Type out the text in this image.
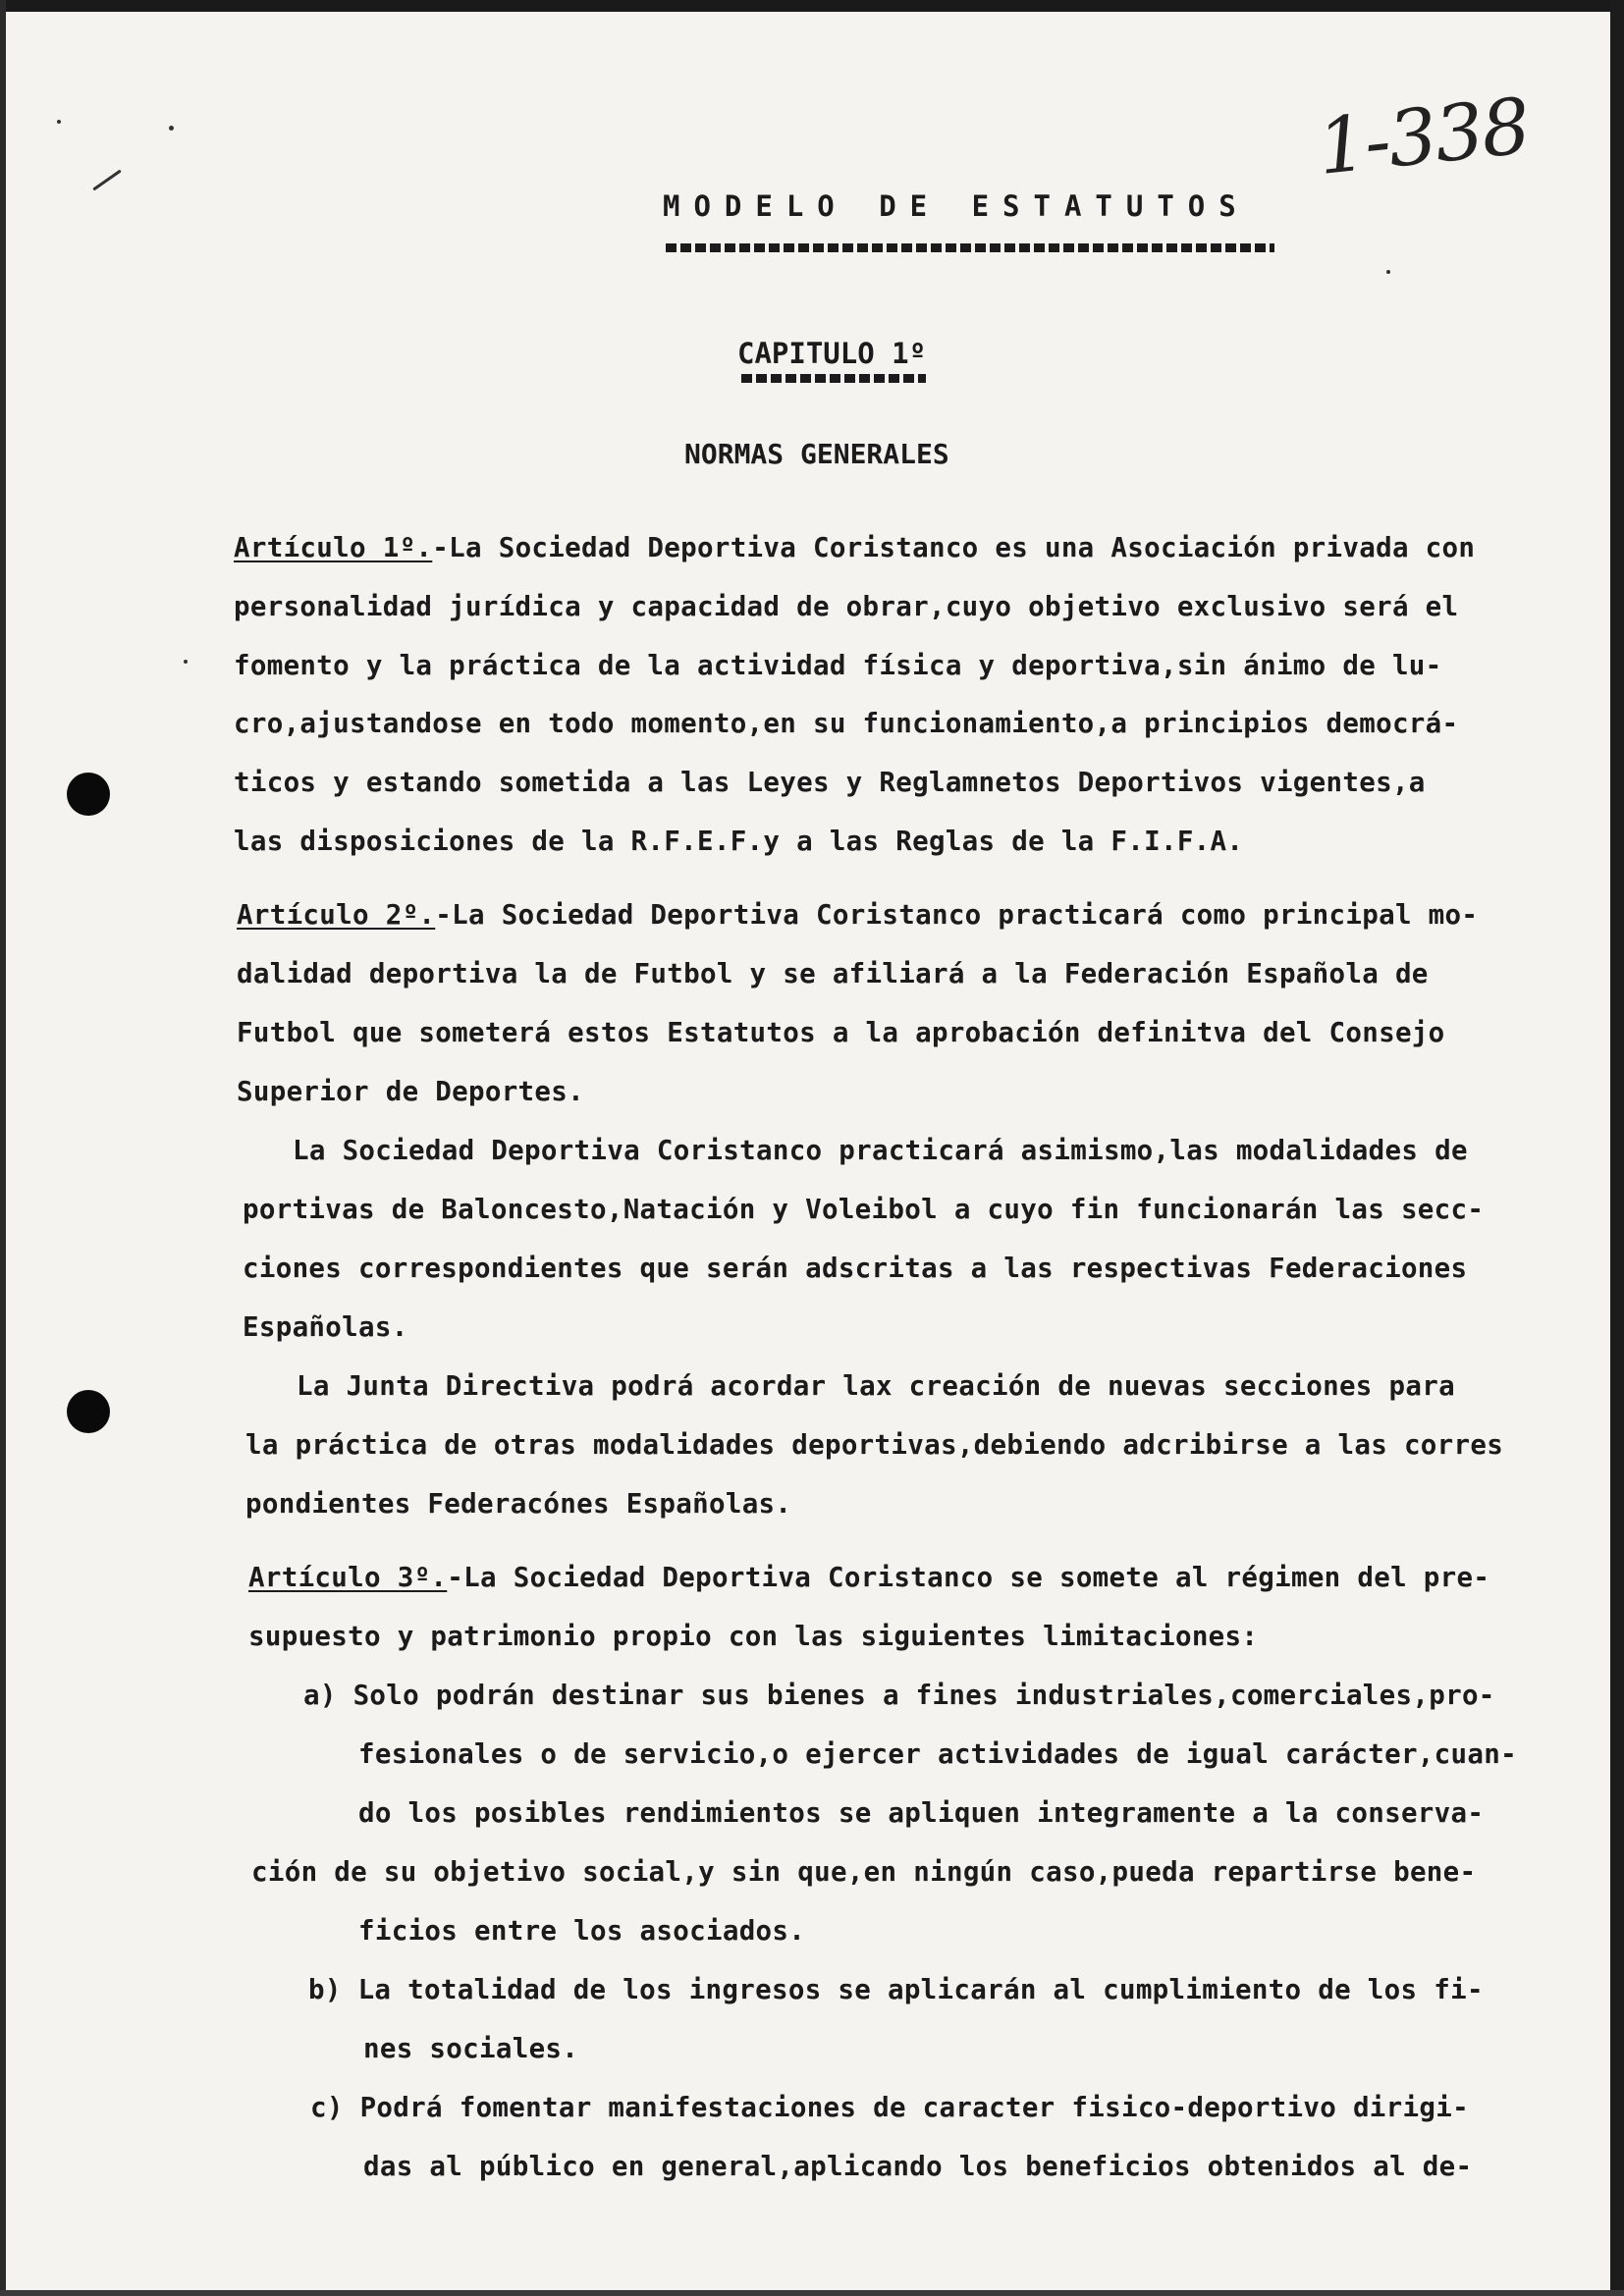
1-338
MODELO DE ESTATUTOS
CAPITULO 1º
NORMAS GENERALES
Artículo 1º.-La Sociedad Deportiva Coristanco es una Asociación privada con
personalidad jurídica y capacidad de obrar,cuyo objetivo exclusivo será el
fomento y la práctica de la actividad física y deportiva,sin ánimo de lu-
cro,ajustandose en todo momento,en su funcionamiento,a principios democrá-
ticos y estando sometida a las Leyes y Reglamnetos Deportivos vigentes,a
las disposiciones de la R.F.E.F.y a las Reglas de la F.I.F.A.
Artículo 2º.-La Sociedad Deportiva Coristanco practicará como principal mo-
dalidad deportiva la de Futbol y se afiliará a la Federación Española de
Futbol que someterá estos Estatutos a la aprobación definitva del Consejo
Superior de Deportes.
La Sociedad Deportiva Coristanco practicará asimismo,las modalidades de
portivas de Baloncesto,Natación y Voleibol a cuyo fin funcionarán las secc-
ciones correspondientes que serán adscritas a las respectivas Federaciones
Españolas.
La Junta Directiva podrá acordar lax creación de nuevas secciones para
la práctica de otras modalidades deportivas,debiendo adcribirse a las corres
pondientes Federacónes Españolas.
Artículo 3º.-La Sociedad Deportiva Coristanco se somete al régimen del pre-
supuesto y patrimonio propio con las siguientes limitaciones:
a) Solo podrán destinar sus bienes a fines industriales,comerciales,pro-
fesionales o de servicio,o ejercer actividades de igual carácter,cuan-
do los posibles rendimientos se apliquen integramente a la conserva-
ción de su objetivo social,y sin que,en ningún caso,pueda repartirse bene-
ficios entre los asociados.
b) La totalidad de los ingresos se aplicarán al cumplimiento de los fi-
nes sociales.
c) Podrá fomentar manifestaciones de caracter fisico-deportivo dirigi-
das al público en general,aplicando los beneficios obtenidos al de-
